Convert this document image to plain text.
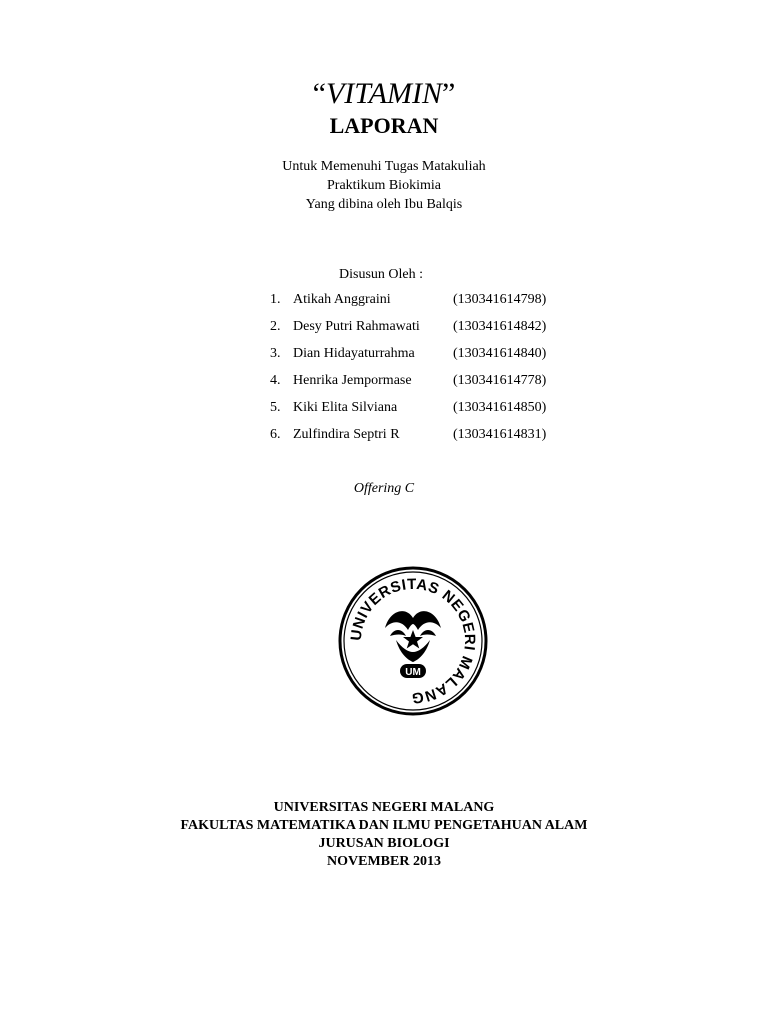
“VITAMIN”
LAPORAN
Untuk Memenuhi Tugas Matakuliah
Praktikum Biokimia
Yang dibina oleh Ibu Balqis
Disusun Oleh :
1. Atikah Anggraini	(130341614798)
2. Desy Putri Rahmawati (130341614842)
3. Dian Hidayaturrahma	(130341614840)
4. Henrika Jempormase	(130341614778)
5. Kiki Elita Silviana	(130341614850)
6. Zulfindira Septri R	(130341614831)
Offering C
UNIVERSITAS NEGERI MALANG
UM
UNIVERSITAS NEGERI MALANG
FAKULTAS MATEMATIKA DAN ILMU PENGETAHUAN ALAM
JURUSAN BIOLOGI
NOVEMBER 2013
